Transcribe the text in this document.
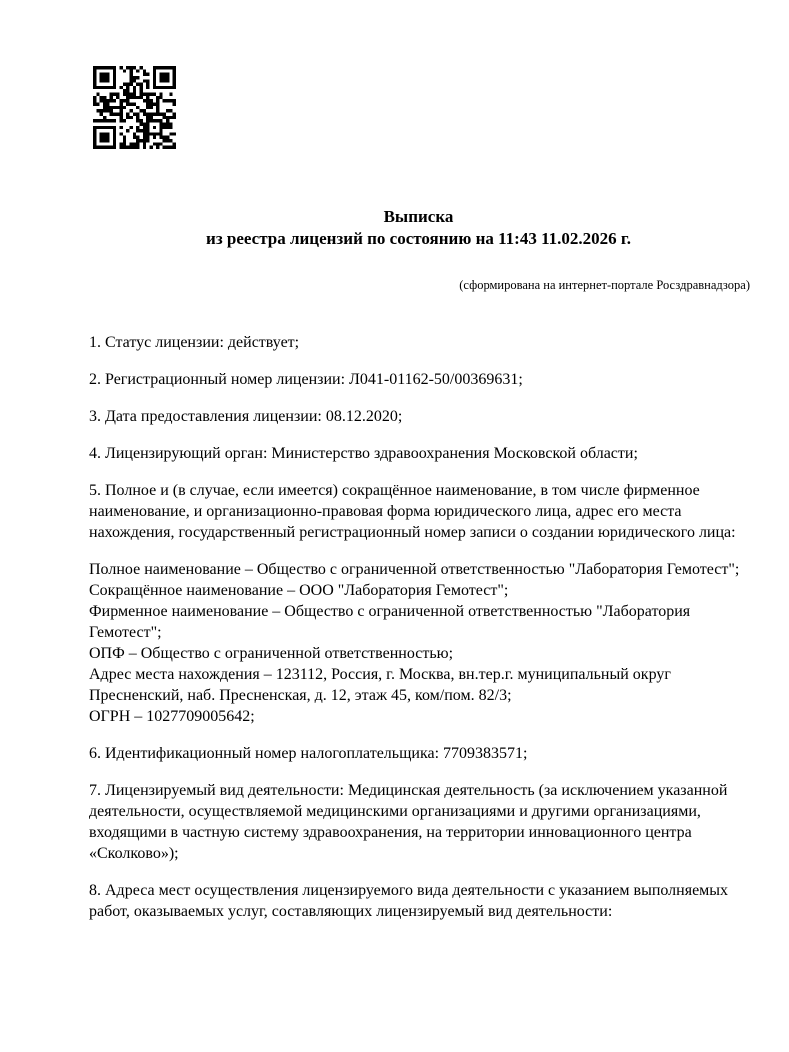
Выписка
из реестра лицензий по состоянию на 11:43 11.02.2026 г.
(сформирована на интернет-портале Росздравнадзора)

1. Статус лицензии: действует;

2. Регистрационный номер лицензии: Л041-01162-50/00369631;

3. Дата предоставления лицензии: 08.12.2020;

4. Лицензирующий орган: Министерство здравоохранения Московской области;

5. Полное и (в случае, если имеется) сокращённое наименование, в том числе фирменное наименование, и организационно-правовая форма юридического лица, адрес его места нахождения, государственный регистрационный номер записи о создании юридического лица:

Полное наименование – Общество с ограниченной ответственностью "Лаборатория Гемотест";

Сокращённое наименование – ООО "Лаборатория Гемотест";

Фирменное наименование – Общество с ограниченной ответственностью "Лаборатория Гемотест";

ОПФ – Общество с ограниченной ответственностью;

Адрес места нахождения – 123112, Россия, г. Москва, вн.тер.г. муниципальный округ Пресненский, наб. Пресненская, д. 12, этаж 45, ком/пом. 82/3;

ОГРН – 1027709005642;

6. Идентификационный номер налогоплательщика: 7709383571;

7. Лицензируемый вид деятельности: Медицинская деятельность (за исключением указанной деятельности, осуществляемой медицинскими организациями и другими организациями, входящими в частную систему здравоохранения, на территории инновационного центра «Сколково»);

8. Адреса мест осуществления лицензируемого вида деятельности с указанием выполняемых работ, оказываемых услуг, составляющих лицензируемый вид деятельности:
